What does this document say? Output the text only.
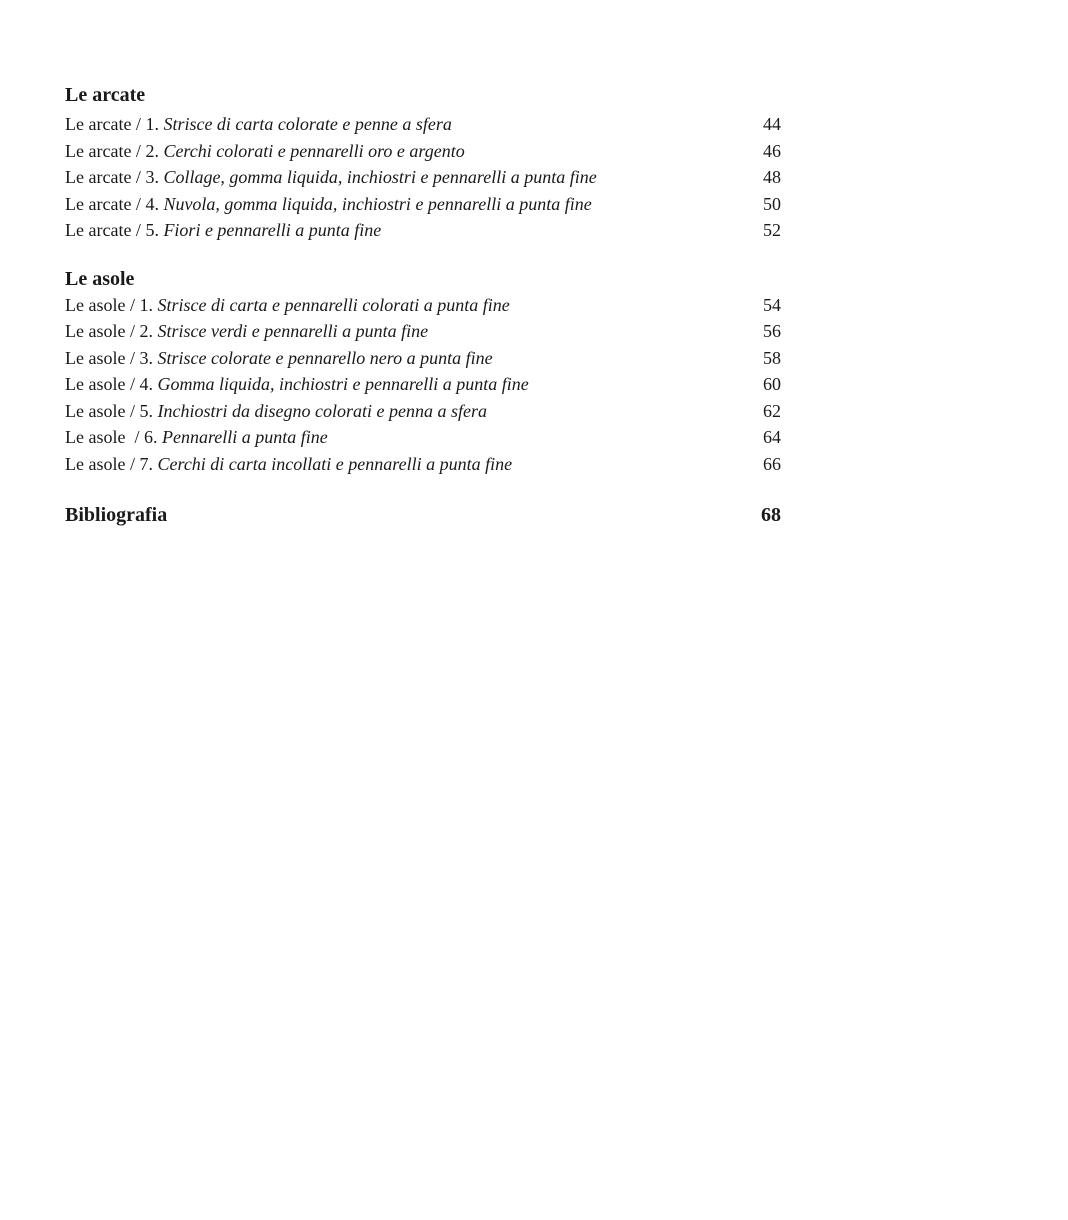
Le arcate
Le arcate / 1. Strisce di carta colorate e penne a sfera	44
Le arcate / 2. Cerchi colorati e pennarelli oro e argento	46
Le arcate / 3. Collage, gomma liquida, inchiostri e pennarelli a punta fine	48
Le arcate / 4. Nuvola, gomma liquida, inchiostri e pennarelli a punta fine	50
Le arcate / 5. Fiori e pennarelli a punta fine	52
Le asole
Le asole / 1. Strisce di carta e pennarelli colorati a punta fine	54
Le asole / 2. Strisce verdi e pennarelli a punta fine	56
Le asole / 3. Strisce colorate e pennarello nero a punta fine	58
Le asole / 4. Gomma liquida, inchiostri e pennarelli a punta fine	60
Le asole / 5. Inchiostri da disegno colorati e penna a sfera	62
Le asole  / 6. Pennarelli a punta fine	64
Le asole / 7. Cerchi di carta incollati e pennarelli a punta fine	66
Bibliografia	68
